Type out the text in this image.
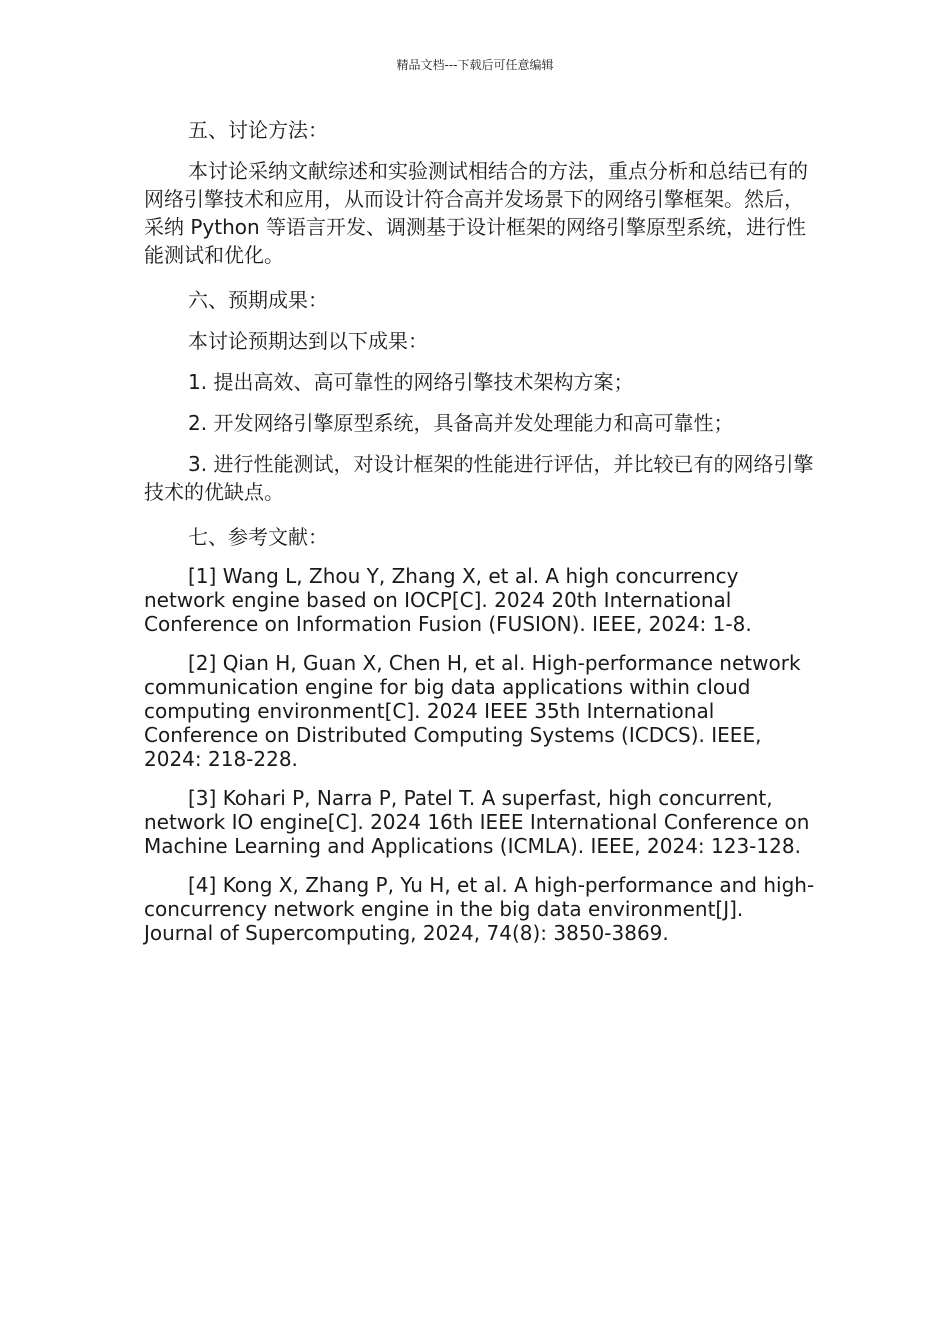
精品文档---下载后可任意编辑

五、讨论方法：

本讨论采纳文献综述和实验测试相结合的方法，重点分析和总结已有的网络引擎技术和应用，从而设计符合高并发场景下的网络引擎框架。然后，采纳 Python 等语言开发、调测基于设计框架的网络引擎原型系统，进行性能测试和优化。

六、预期成果：

本讨论预期达到以下成果：

1. 提出高效、高可靠性的网络引擎技术架构方案；

2. 开发网络引擎原型系统，具备高并发处理能力和高可靠性；

3. 进行性能测试，对设计框架的性能进行评估，并比较已有的网络引擎技术的优缺点。

七、参考文献：

[1] Wang L, Zhou Y, Zhang X, et al. A high concurrency network engine based on IOCP[C]. 2024 20th International Conference on Information Fusion (FUSION). IEEE, 2024: 1-8.

[2] Qian H, Guan X, Chen H, et al. High-performance network communication engine for big data applications within cloud computing environment[C]. 2024 IEEE 35th International Conference on Distributed Computing Systems (ICDCS). IEEE, 2024: 218-228.

[3] Kohari P, Narra P, Patel T. A superfast, high concurrent, network IO engine[C]. 2024 16th IEEE International Conference on Machine Learning and Applications (ICMLA). IEEE, 2024: 123-128.

[4] Kong X, Zhang P, Yu H, et al. A high-performance and high-concurrency network engine in the big data environment[J]. Journal of Supercomputing, 2024, 74(8): 3850-3869.
